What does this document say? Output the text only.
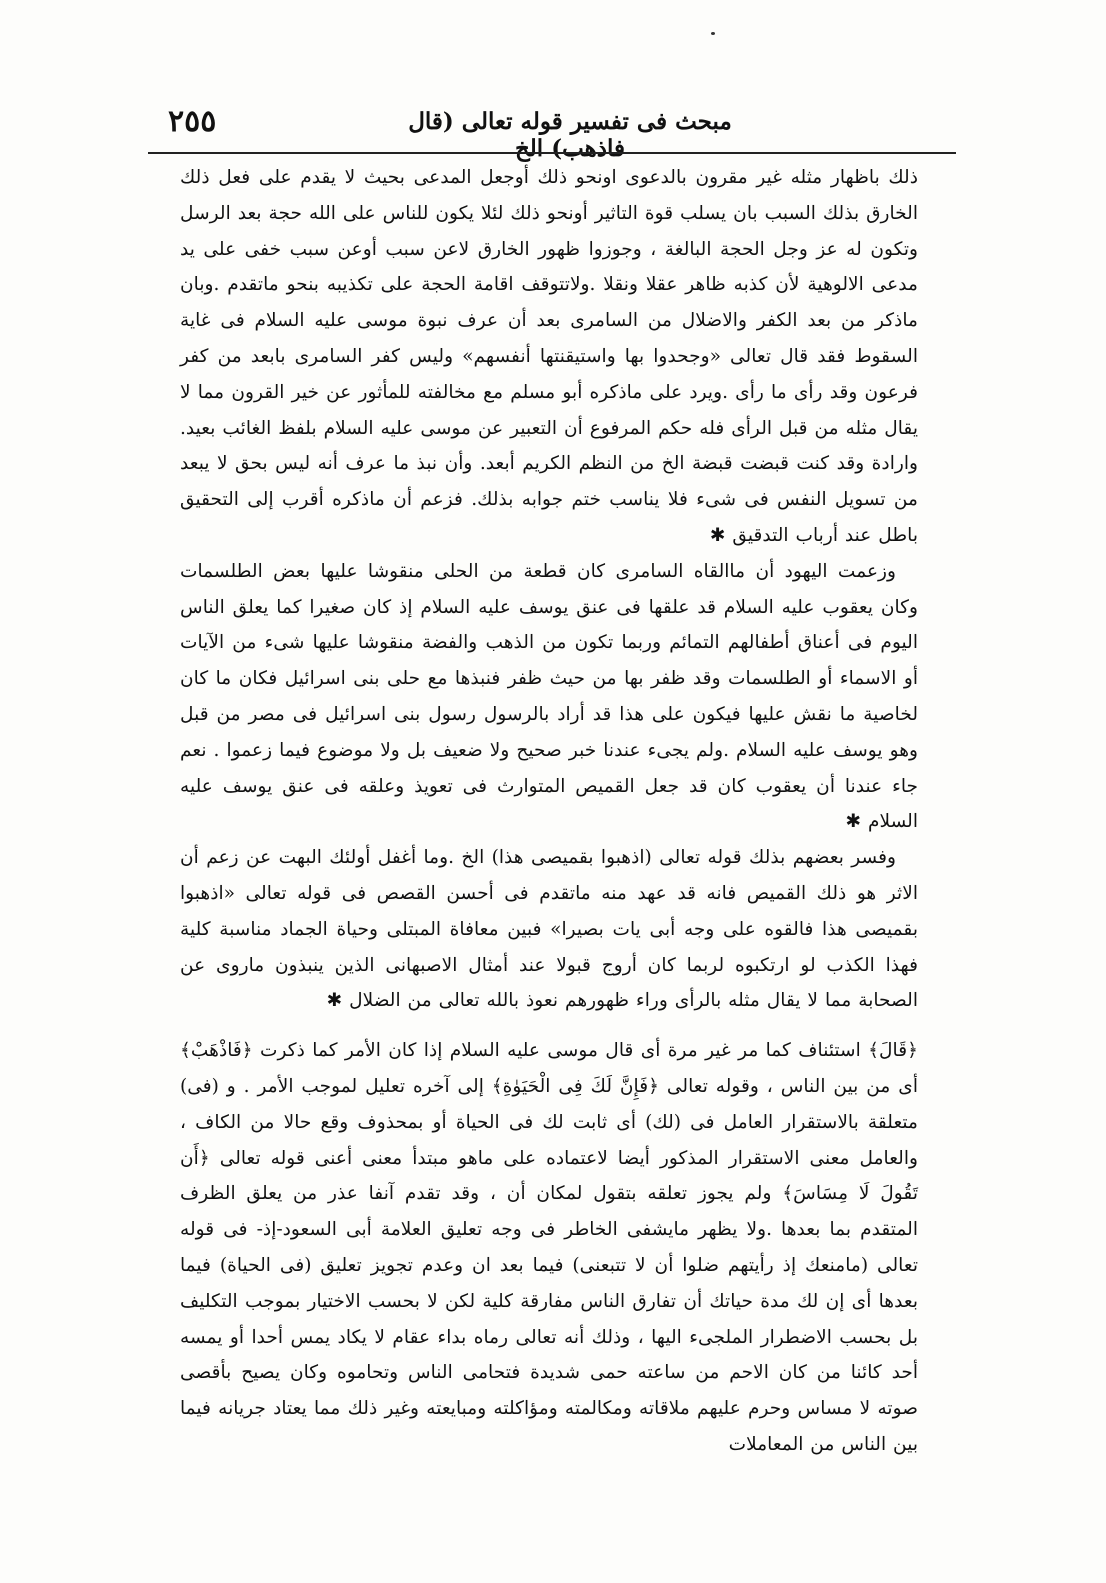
٢٥٥	مبحث فى تفسير قوله تعالى (قال فاذهب) الخ

ذلك باظهار مثله غير مقرون بالدعوى اونحو ذلك أوجعل المدعى بحيث لا يقدم على فعل ذلك الخارق بذلك السبب بان يسلب قوة التاثير أونحو ذلك لئلا يكون للناس على الله حجة بعد الرسل وتكون له عز وجل الحجة البالغة ، وجوزوا ظهور الخارق لاعن سبب أوعن سبب خفى على يد مدعى الالوهية لأن كذبه ظاهر عقلا ونقلا .ولاتتوقف اقامة الحجة على تكذيبه بنحو ماتقدم .وبان ماذكر من بعد الكفر والاضلال من السامرى بعد أن عرف نبوة موسى عليه السلام فى غاية السقوط فقد قال تعالى «وجحدوا بها واستيقنتها أنفسهم» وليس كفر السامرى بابعد من كفر فرعون وقد رأى ما رأى .ويرد على ماذكره أبو مسلم مع مخالفته للمأثور عن خير القرون مما لا يقال مثله من قبل الرأى فله حكم المرفوع أن التعبير عن موسى عليه السلام بلفظ الغائب بعيد. وارادة وقد كنت قبضت قبضة الخ من النظم الكريم أبعد. وأن نبذ ما عرف أنه ليس بحق لا يبعد من تسويل النفس فى شىء فلا يناسب ختم جوابه بذلك. فزعم أن ماذكره أقرب إلى التحقيق باطل عند أرباب التدقيق ✱

وزعمت اليهود أن ماالقاه السامرى كان قطعة من الحلى منقوشا عليها بعض الطلسمات وكان يعقوب عليه السلام قد علقها فى عنق يوسف عليه السلام إذ كان صغيرا كما يعلق الناس اليوم فى أعناق أطفالهم التمائم وربما تكون من الذهب والفضة منقوشا عليها شىء من الآيات أو الاسماء أو الطلسمات وقد ظفر بها من حيث ظفر فنبذها مع حلى بنى اسرائيل فكان ما كان لخاصية ما نقش عليها فيكون على هذا قد أراد بالرسول رسول بنى اسرائيل فى مصر من قبل وهو يوسف عليه السلام .ولم يجىء عندنا خبر صحيح ولا ضعيف بل ولا موضوع فيما زعموا . نعم جاء عندنا أن يعقوب كان قد جعل القميص المتوارث فى تعويذ وعلقه فى عنق يوسف عليه السلام ✱

وفسر بعضهم بذلك قوله تعالى (اذهبوا بقميصى هذا) الخ .وما أغفل أولئك البهت عن زعم أن الاثر هو ذلك القميص فانه قد عهد منه ماتقدم فى أحسن القصص فى قوله تعالى «اذهبوا بقميصى هذا فالقوه على وجه أبى يات بصيرا» فبين معافاة المبتلى وحياة الجماد مناسبة كلية فهذا الكذب لو ارتكبوه لربما كان أروج قبولا عند أمثال الاصبهانى الذين ينبذون ماروى عن الصحابة مما لا يقال مثله بالرأى وراء ظهورهم نعوذ بالله تعالى من الضلال ✱

﴿قَالَ﴾ استئناف كما مر غير مرة أى قال موسى عليه السلام إذا كان الأمر كما ذكرت ﴿فَاذْهَبْ﴾ أى من بين الناس ، وقوله تعالى ﴿فَإِنَّ لَكَ فِى الْحَيَوٰةِ﴾ إلى آخره تعليل لموجب الأمر . و (فى) متعلقة بالاستقرار العامل فى (لك) أى ثابت لك فى الحياة أو بمحذوف وقع حالا من الكاف ، والعامل معنى الاستقرار المذكور أيضا لاعتماده على ماهو مبتدأ معنى أعنى قوله تعالى ﴿أَن تَقُولَ لَا مِسَاسَ﴾ ولم يجوز تعلقه بتقول لمكان أن ، وقد تقدم آنفا عذر من يعلق الظرف المتقدم بما بعدها .ولا يظهر مايشفى الخاطر فى وجه تعليق العلامة أبى السعود-إذ- فى قوله تعالى (مامنعك إذ رأيتهم ضلوا أن لا تتبعنى) فيما بعد ان وعدم تجويز تعليق (فى الحياة) فيما بعدها أى إن لك مدة حياتك أن تفارق الناس مفارقة كلية لكن لا بحسب الاختيار بموجب التكليف بل بحسب الاضطرار الملجىء اليها ، وذلك أنه تعالى رماه بداء عقام لا يكاد يمس أحدا أو يمسه أحد كائنا من كان الاحم من ساعته حمى شديدة فتحامى الناس وتحاموه وكان يصيح بأقصى صوته لا مساس وحرم عليهم ملاقاته ومكالمته ومؤاكلته ومبايعته وغير ذلك مما يعتاد جريانه فيما بين الناس من المعاملات
